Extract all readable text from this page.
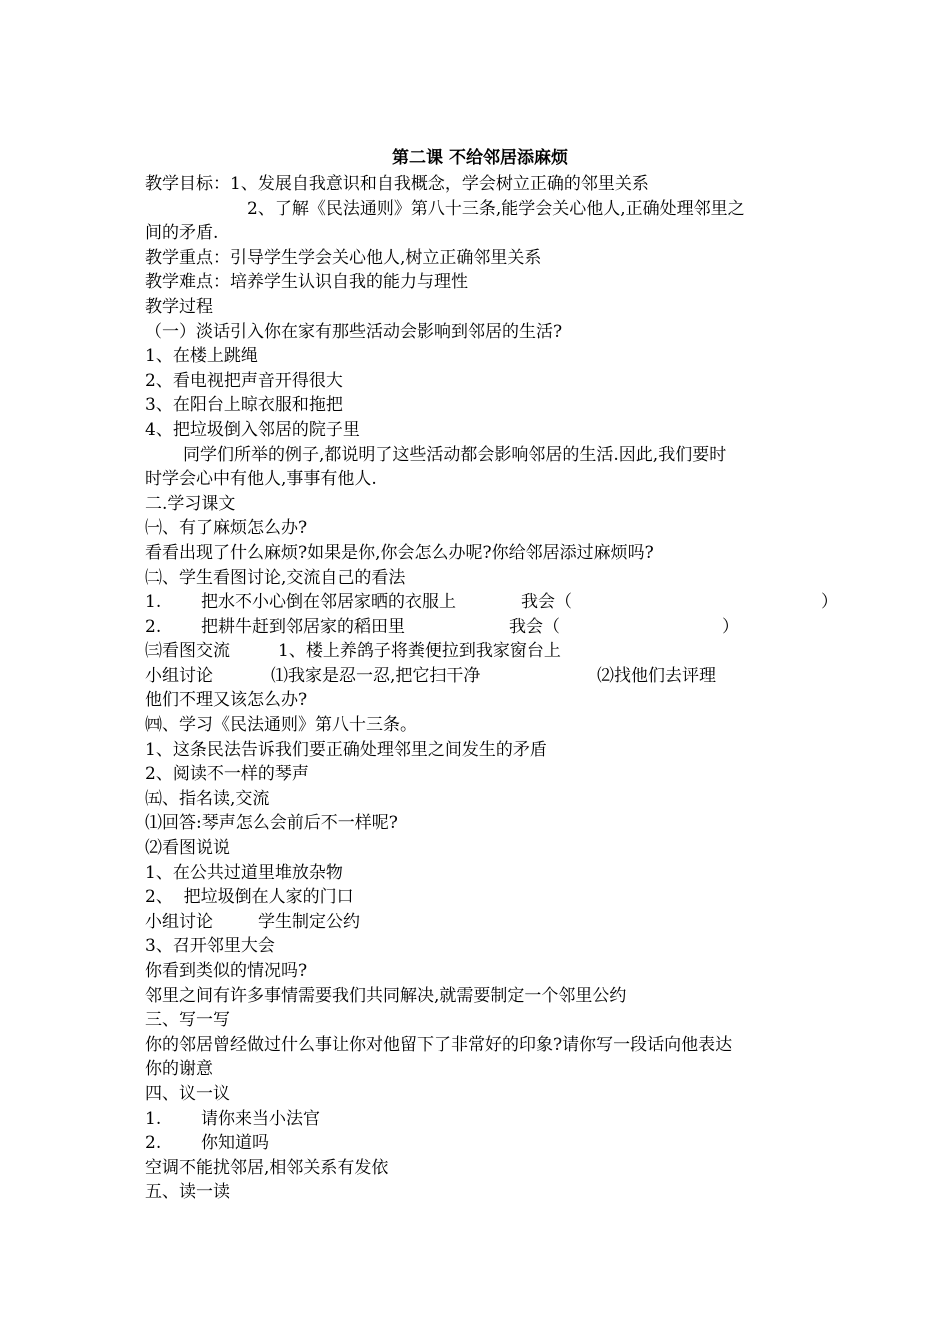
第二课 不给邻居添麻烦
教学目标：1、发展自我意识和自我概念，学会树立正确的邻里关系
2、了解《民法通则》第八十三条,能学会关心他人,正确处理邻里之
间的矛盾.
教学重点：引导学生学会关心他人,树立正确邻里关系
教学难点：培养学生认识自我的能力与理性
教学过程
（一）淡话引入你在家有那些活动会影响到邻居的生活?
1、在楼上跳绳
2、看电视把声音开得很大
3、在阳台上晾衣服和拖把
4、把垃圾倒入邻居的院子里
同学们所举的例子,都说明了这些活动都会影响邻居的生活.因此,我们要时
时学会心中有他人,事事有他人.
二.学习课文
㈠、有了麻烦怎么办?
看看出现了什么麻烦?如果是你,你会怎么办呢?你给邻居添过麻烦吗?
㈡、学生看图讨论,交流自己的看法
1. 把水不小心倒在邻居家晒的衣服上	我会（	）
2. 把耕牛赶到邻居家的稻田里	我会（	）
㈢看图交流	1、楼上养鸽子将粪便拉到我家窗台上
小组讨论	⑴我家是忍一忍,把它扫干净	⑵找他们去评理
他们不理又该怎么办?
㈣、学习《民法通则》第八十三条。
1、这条民法告诉我们要正确处理邻里之间发生的矛盾
2、阅读不一样的琴声
㈤、指名读,交流
⑴回答:琴声怎么会前后不一样呢?
⑵看图说说
1、在公共过道里堆放杂物
2、  把垃圾倒在人家的门口
小组讨论	学生制定公约
3、召开邻里大会
你看到类似的情况吗?
邻里之间有许多事情需要我们共同解决,就需要制定一个邻里公约
三、写一写
你的邻居曾经做过什么事让你对他留下了非常好的印象?请你写一段话向他表达
你的谢意
四、议一议
1. 请你来当小法官
2. 你知道吗
空调不能扰邻居,相邻关系有发依
五、读一读
